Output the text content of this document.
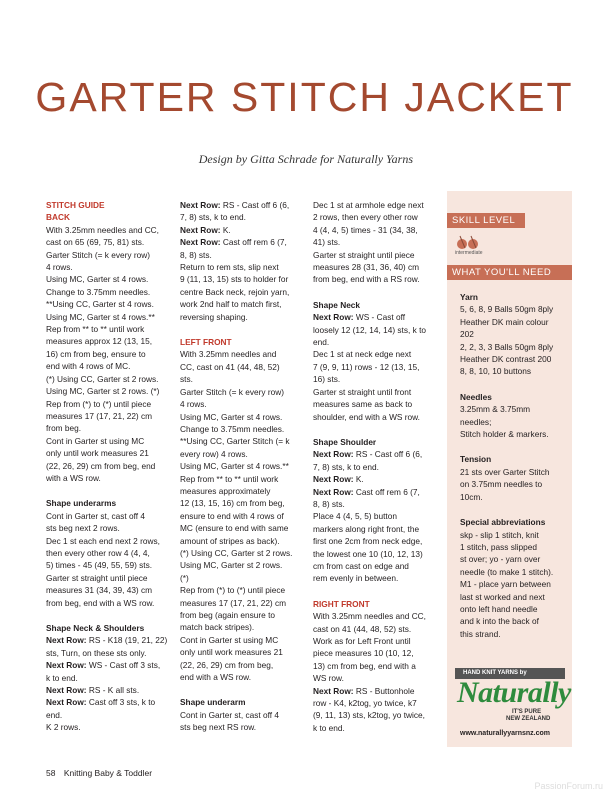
GARTER STITCH JACKET
Design by Gitta Schrade for Naturally Yarns

STITCH GUIDE

BACK

With 3.25mm needles and CC,

cast on 65 (69, 75, 81) sts.

Garter Stitch (= k every row)

4 rows.

Using MC, Garter st 4 rows.

Change to 3.75mm needles.

**Using CC, Garter st 4 rows.

Using MC, Garter st 4 rows.**

Rep from ** to ** until work

measures approx 12 (13, 15,

16) cm from beg, ensure to

end with 4 rows of MC.

(*) Using CC, Garter st 2 rows.

Using MC, Garter st 2 rows. (*)

Rep from (*) to (*) until piece

measures 17 (17, 21, 22) cm

from beg.

Cont in Garter st using MC

only until work measures 21

(22, 26, 29) cm from beg, end

with a WS row.

Shape underarms

Cont in Garter st, cast off 4

sts beg next 2 rows.

Dec 1 st each end next 2 rows,

then every other row 4 (4, 4,

5) times - 45 (49, 55, 59) sts.

Garter st straight until piece

measures 31 (34, 39, 43) cm

from beg, end with a WS row.

Shape Neck & Shoulders

Next Row: RS - K18 (19, 21, 22)

sts, Turn, on these sts only.

Next Row: WS - Cast off 3 sts,

k to end.

Next Row: RS - K all sts.

Next Row: Cast off 3 sts, k to

end.

K 2 rows.

Next Row: RS - Cast off 6 (6,

7, 8) sts, k to end.

Next Row: K.

Next Row: Cast off rem 6 (7,

8, 8) sts.

Return to rem sts, slip next

9 (11, 13, 15) sts to holder for

centre Back neck, rejoin yarn,

work 2nd half to match first,

reversing shaping.

LEFT FRONT

With 3.25mm needles and

CC, cast on 41 (44, 48, 52)

sts.

Garter Stitch (= k every row)

4 rows.

Using MC, Garter st 4 rows.

Change to 3.75mm needles.

**Using CC, Garter Stitch (= k

every row) 4 rows.

Using MC, Garter st 4 rows.**

Rep from ** to ** until work

measures approximately

12 (13, 15, 16) cm from beg,

ensure to end with 4 rows of

MC (ensure to end with same

amount of stripes as back).

(*) Using CC, Garter st 2 rows.

Using MC, Garter st 2 rows.

(*)

Rep from (*) to (*) until piece

measures 17 (17, 21, 22) cm

from beg (again ensure to

match back stripes).

Cont in Garter st using MC

only until work measures 21

(22, 26, 29) cm from beg,

end with a WS row.

Shape underarm

Cont in Garter st, cast off 4

sts beg next RS row.

Dec 1 st at armhole edge next

2 rows, then every other row

4 (4, 4, 5) times - 31 (34, 38,

41) sts.

Garter st straight until piece

measures 28 (31, 36, 40) cm

from beg, end with a RS row.

Shape Neck

Next Row: WS - Cast off

loosely 12 (12, 14, 14) sts, k to

end.

Dec 1 st at neck edge next

7 (9, 9, 11) rows - 12 (13, 15,

16) sts.

Garter st straight until front

measures same as back to

shoulder, end with a WS row.

Shape Shoulder

Next Row: RS - Cast off 6 (6,

7, 8) sts, k to end.

Next Row: K.

Next Row: Cast off rem 6 (7,

8, 8) sts.

Place 4 (4, 5, 5) button

markers along right front, the

first one 2cm from neck edge,

the lowest one 10 (10, 12, 13)

cm from cast on edge and

rem evenly in between.

RIGHT FRONT

With 3.25mm needles and CC,

cast on 41 (44, 48, 52) sts.

Work as for Left Front until

piece measures 10 (10, 12,

13) cm from beg, end with a

WS row.

Next Row: RS - Buttonhole

row - K4, k2tog, yo twice, k7

(9, 11, 13) sts, k2tog, yo twice,

k to end.

SKILL LEVEL
intermediate
WHAT YOU'LL NEED

Yarn

5, 6, 8, 9 Balls 50gm 8ply

Heather DK main colour

202

2, 2, 3, 3 Balls 50gm 8ply

Heather DK contrast 200

8, 8, 10, 10 buttons

Needles

3.25mm & 3.75mm

needles;

Stitch holder & markers.

Tension

21 sts over Garter Stitch

on 3.75mm needles to

10cm.

Special abbreviations

skp - slip 1 stitch, knit

1 stitch, pass slipped

st over; yo - yarn over

needle (to make 1 stitch).

M1 - place yarn between

last st worked and next

onto left hand needle

and k into the back of

this strand.

HAND KNIT YARNS by
Naturally
IT'S PURE
NEW ZEALAND
www.naturallyyarnsnz.com
58 Knitting Baby & Toddler
PassionForum.ru
